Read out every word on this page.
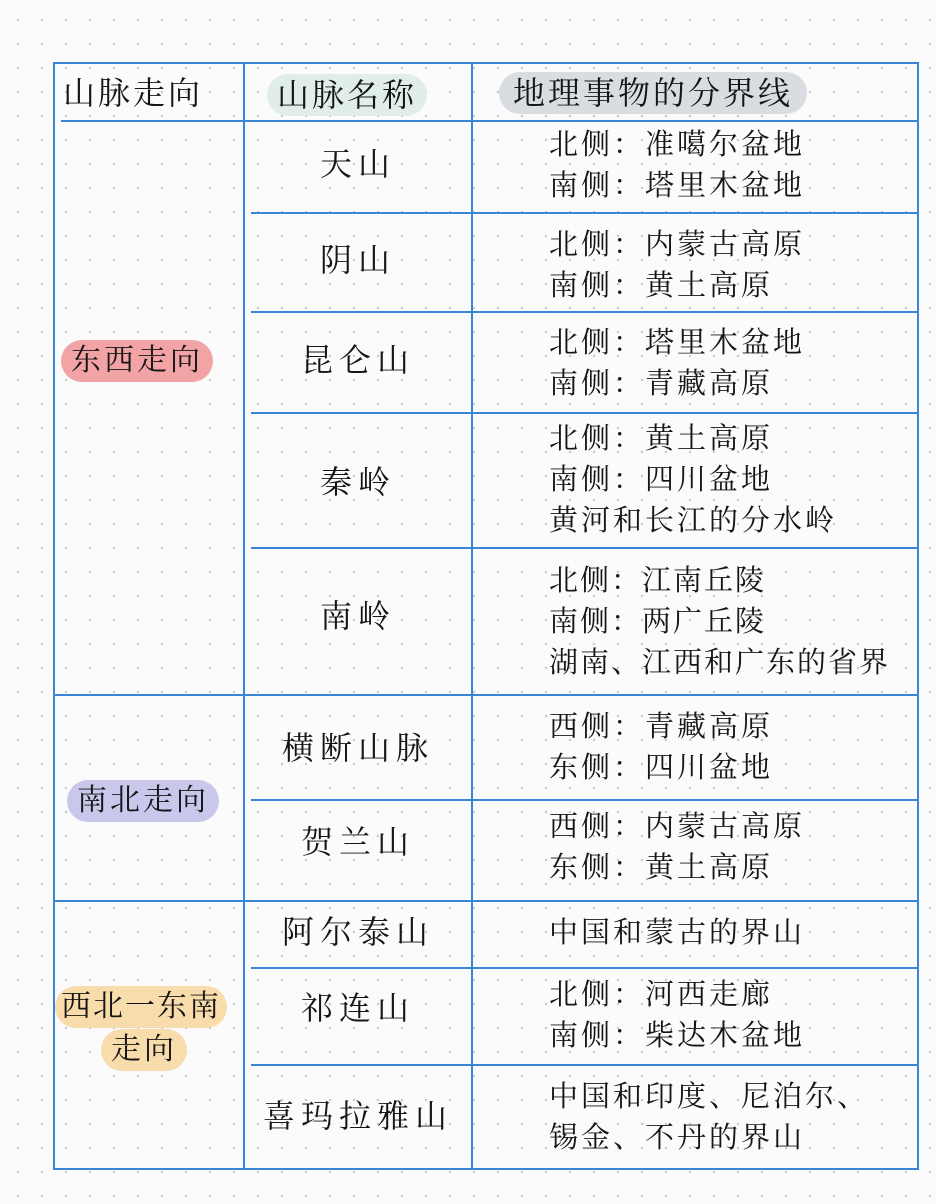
山脉走向	山脉名称	地理事物的分界线
东西走向
南北走向
西北一东南
走向
天山
阴山
昆仑山
秦岭
南岭
横断山脉
贺兰山
阿尔泰山
祁连山
喜玛拉雅山
北侧：准噶尔盆地
南侧：塔里木盆地
北侧：内蒙古高原
南侧：黄土高原
北侧：塔里木盆地
南侧：青藏高原
北侧：黄土高原
南侧：四川盆地
黄河和长江的分水岭
北侧：江南丘陵
南侧：两广丘陵
湖南、江西和广东的省界
西侧：青藏高原
东侧：四川盆地
西侧：内蒙古高原
东侧：黄土高原
中国和蒙古的界山
北侧：河西走廊
南侧：柴达木盆地
中国和印度、尼泊尔、
锡金、不丹的界山
